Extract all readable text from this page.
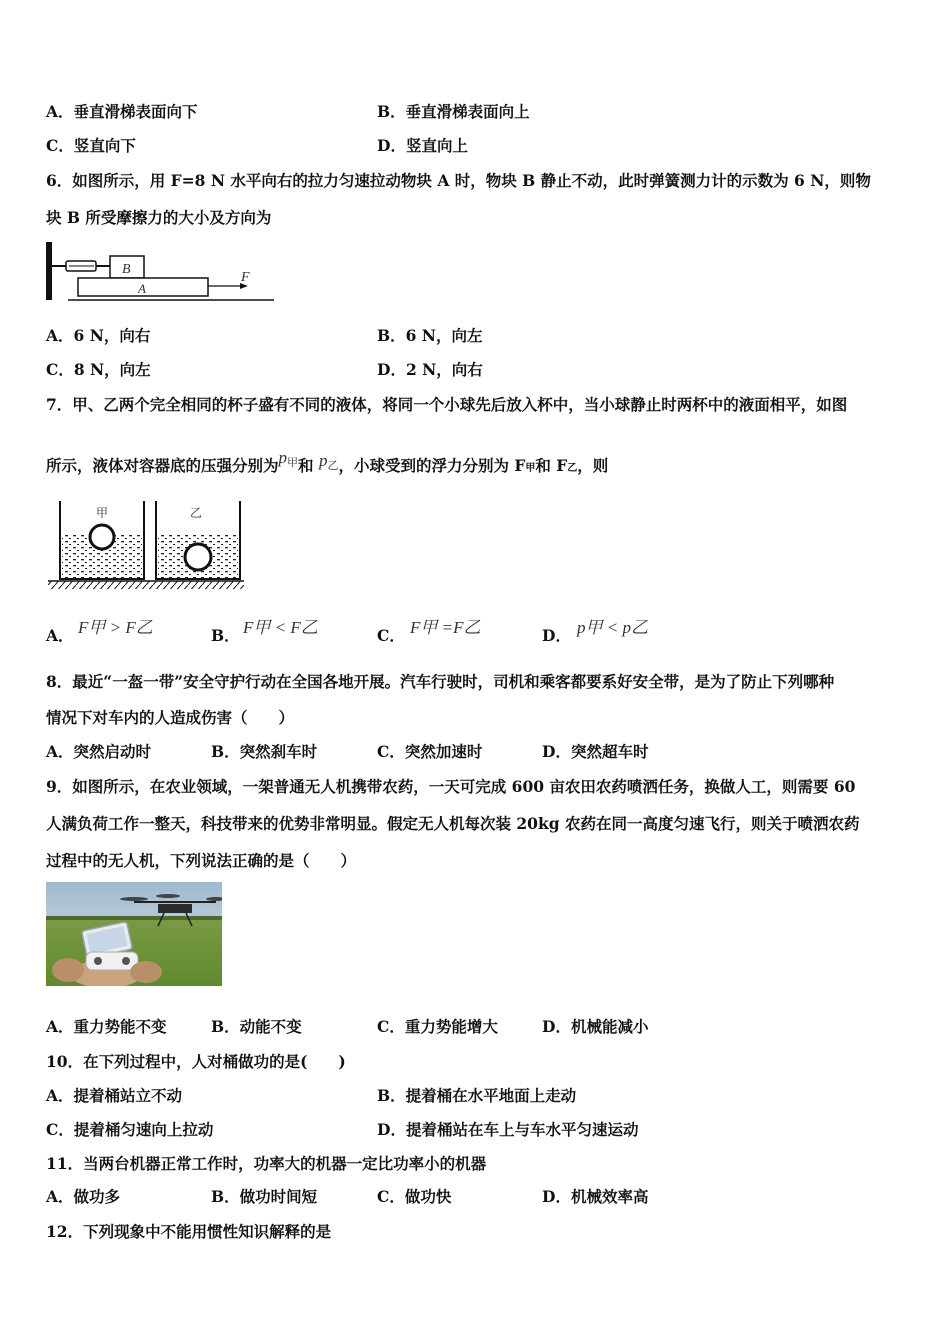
A．垂直滑梯表面向下	B．垂直滑梯表面向上
C．竖直向下	D．竖直向上
6．如图所示，用 F=8 N 水平向右的拉力匀速拉动物块 A 时，物块 B 静止不动，此时弹簧测力计的示数为 6 N，则物
块 B 所受摩擦力的大小及方向为
B
A
F
A．6 N，向右	B．6 N，向左
C．8 N，向左	D．2 N，向右
7．甲、乙两个完全相同的杯子盛有不同的液体，将同一个小球先后放入杯中，当小球静止时两杯中的液面相平，如图
所示，液体对容器底的压强分别为$p_甲$和 $p_乙$，小球受到的浮力分别为 F甲和 F乙，则
甲	乙
A． F甲 > F乙	B． F甲 < F乙	C． F甲 =F乙	D． p甲 < p乙
8．最近“一盔一带”安全守护行动在全国各地开展。汽车行驶时，司机和乘客都要系好安全带，是为了防止下列哪种
情况下对车内的人造成伤害（　　）
A．突然启动时	B．突然刹车时	C．突然加速时	D．突然超车时
9．如图所示，在农业领域，一架普通无人机携带农药，一天可完成 600 亩农田农药喷洒任务，换做人工，则需要 60
人满负荷工作一整天，科技带来的优势非常明显。假定无人机每次装 20kg 农药在同一高度匀速飞行，则关于喷洒农药
过程中的无人机，下列说法正确的是（　　）
A．重力势能不变	B．动能不变	C．重力势能增大	D．机械能减小
10．在下列过程中，人对桶做功的是(　　)
A．提着桶站立不动	B．提着桶在水平地面上走动
C．提着桶匀速向上拉动	D．提着桶站在车上与车水平匀速运动
11．当两台机器正常工作时，功率大的机器一定比功率小的机器
A．做功多	B．做功时间短	C．做功快	D．机械效率高
12．下列现象中不能用惯性知识解释的是
